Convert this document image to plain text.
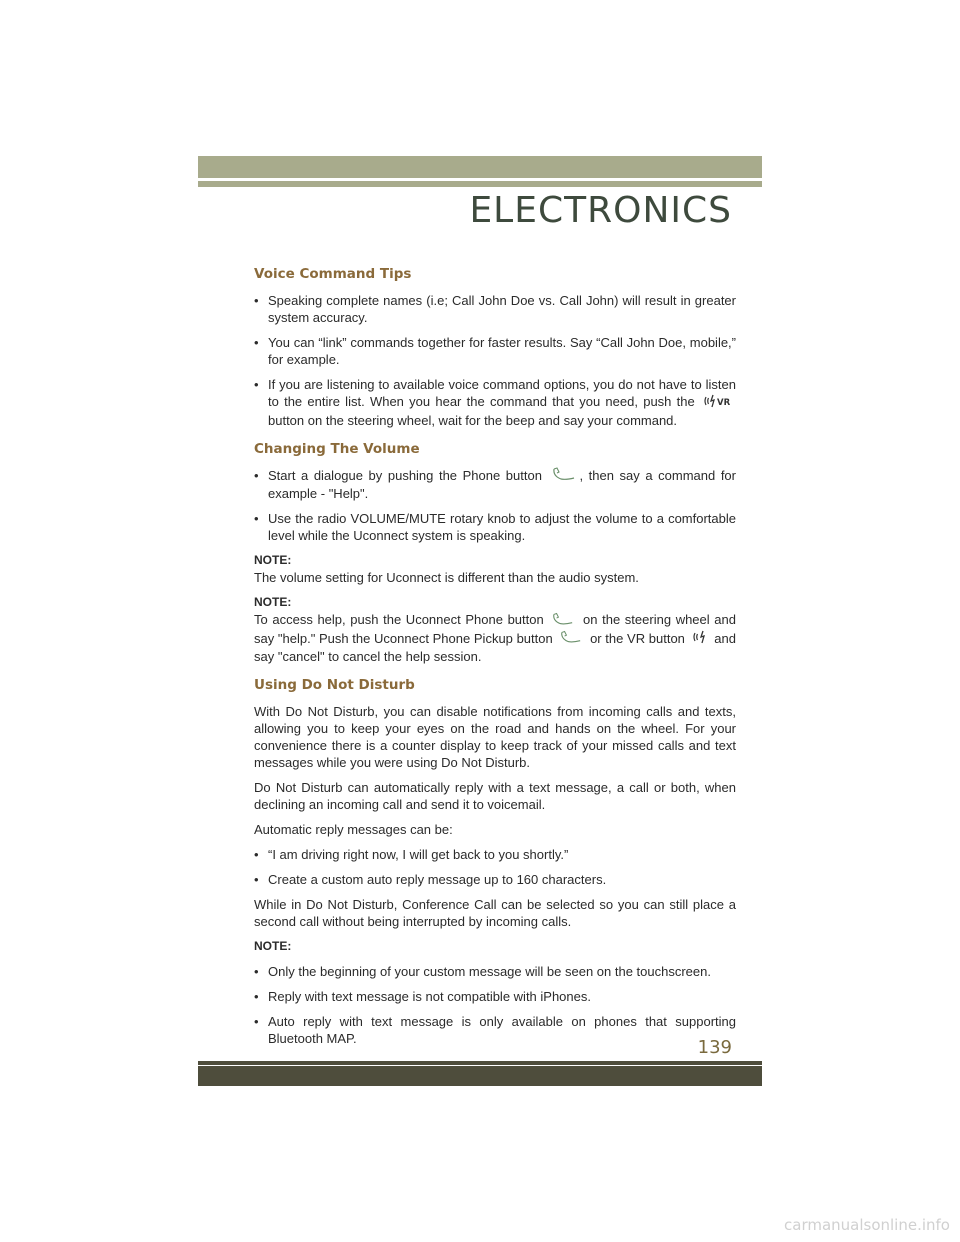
ELECTRONICS
Voice Command Tips
• Speaking complete names (i.e; Call John Doe vs. Call John) will result in greater system accuracy.
• You can “link” commands together for faster results. Say “Call John Doe, mobile,” for example.
• If you are listening to available voice command options, you do not have to listen to the entire list. When you hear the command that you need, push the	VR
button on the steering wheel, wait for the beep and say your command.
Changing The Volume
• Start a dialogue by pushing the Phone button	, then say a command for example - "Help".
• Use the radio VOLUME/MUTE rotary knob to adjust the volume to a comfortable level while the Uconnect system is speaking.
NOTE:

The volume setting for Uconnect is different than the audio system.

NOTE:

To access help, push the Uconnect Phone button	on the steering wheel and say "help." Push the Uconnect Phone Pickup button	or the VR button and say "cancel" to cancel the help session.

Using Do Not Disturb

With Do Not Disturb, you can disable notifications from incoming calls and texts, allowing you to keep your eyes on the road and hands on the wheel. For your convenience there is a counter display to keep track of your missed calls and text messages while you were using Do Not Disturb.

Do Not Disturb can automatically reply with a text message, a call or both, when declining an incoming call and send it to voicemail.

Automatic reply messages can be:

• “I am driving right now, I will get back to you shortly.”
• Create a custom auto reply message up to 160 characters.

While in Do Not Disturb, Conference Call can be selected so you can still place a second call without being interrupted by incoming calls.

NOTE:
• Only the beginning of your custom message will be seen on the touchscreen.
• Reply with text message is not compatible with iPhones.
• Auto reply with text message is only available on phones that supporting Bluetooth MAP.	139
carmanualsonline.info
